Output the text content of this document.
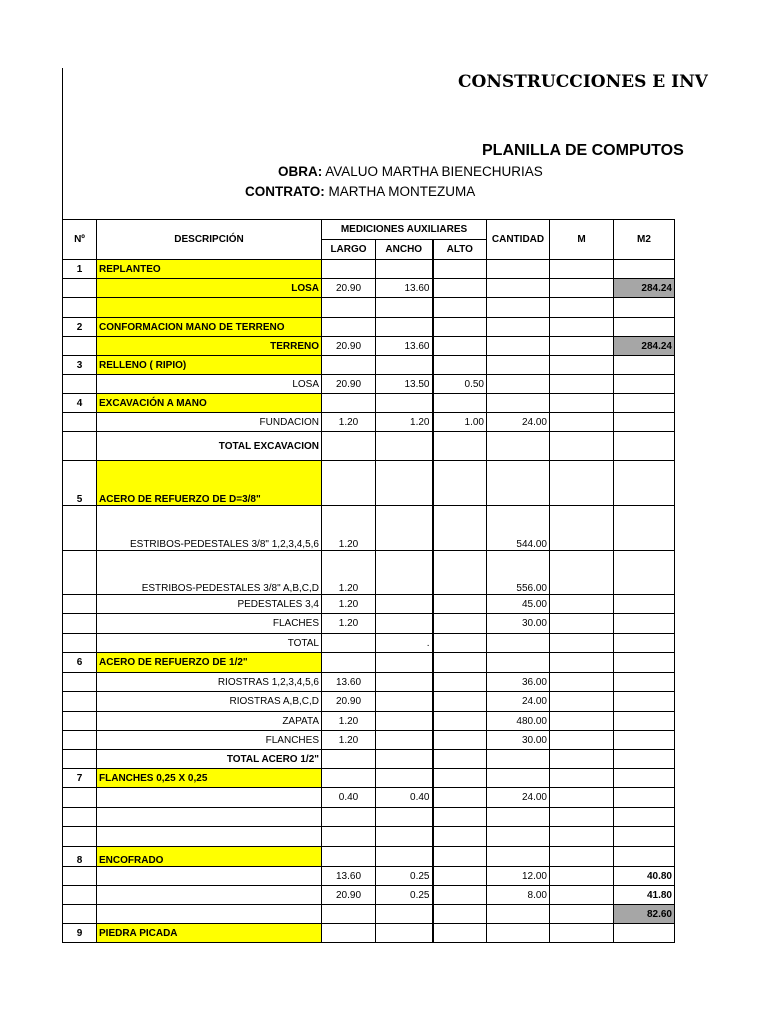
CONSTRUCCIONES E INV
PLANILLA DE COMPUTOS
OBRA: AVALUO MARTHA BIENECHURIAS
CONTRATO: MARTHA MONTEZUMA
Nº	DESCRIPCIÓN	MEDICIONES AUXILIARES			CANTIDAD	M	M2
		LARGO	ANCHO	ALTO			
1	REPLANTEO						
	LOSA	20.90	13.60				284.24

2	CONFORMACION MANO DE TERRENO						
	TERRENO	20.90	13.60				284.24
3	RELLENO ( RIPIO)						
	LOSA	20.90	13.50	0.50			
4	EXCAVACIÓN A MANO						
	FUNDACION	1.20	1.20	1.00	24.00		
	TOTAL EXCAVACION						
5	ACERO DE REFUERZO DE D=3/8"						
	ESTRIBOS-PEDESTALES 3/8" 1,2,3,4,5,6	1.20			544.00		
	ESTRIBOS-PEDESTALES 3/8" A,B,C,D	1.20			556.00		
	PEDESTALES 3,4	1.20			45.00		
	FLACHES	1.20			30.00		
	TOTAL		.				
6	ACERO DE REFUERZO DE 1/2"						
	RIOSTRAS 1,2,3,4,5,6	13.60			36.00		
	RIOSTRAS A,B,C,D	20.90			24.00		
	ZAPATA	1.20			480.00		
	FLANCHES	1.20			30.00		
	TOTAL ACERO 1/2"						
7	FLANCHES 0,25 X 0,25						
		0.40	0.40		24.00		

8	ENCOFRADO						
		13.60	0.25		12.00		40.80
		20.90	0.25		8.00		41.80
							82.60
9	PIEDRA PICADA						
